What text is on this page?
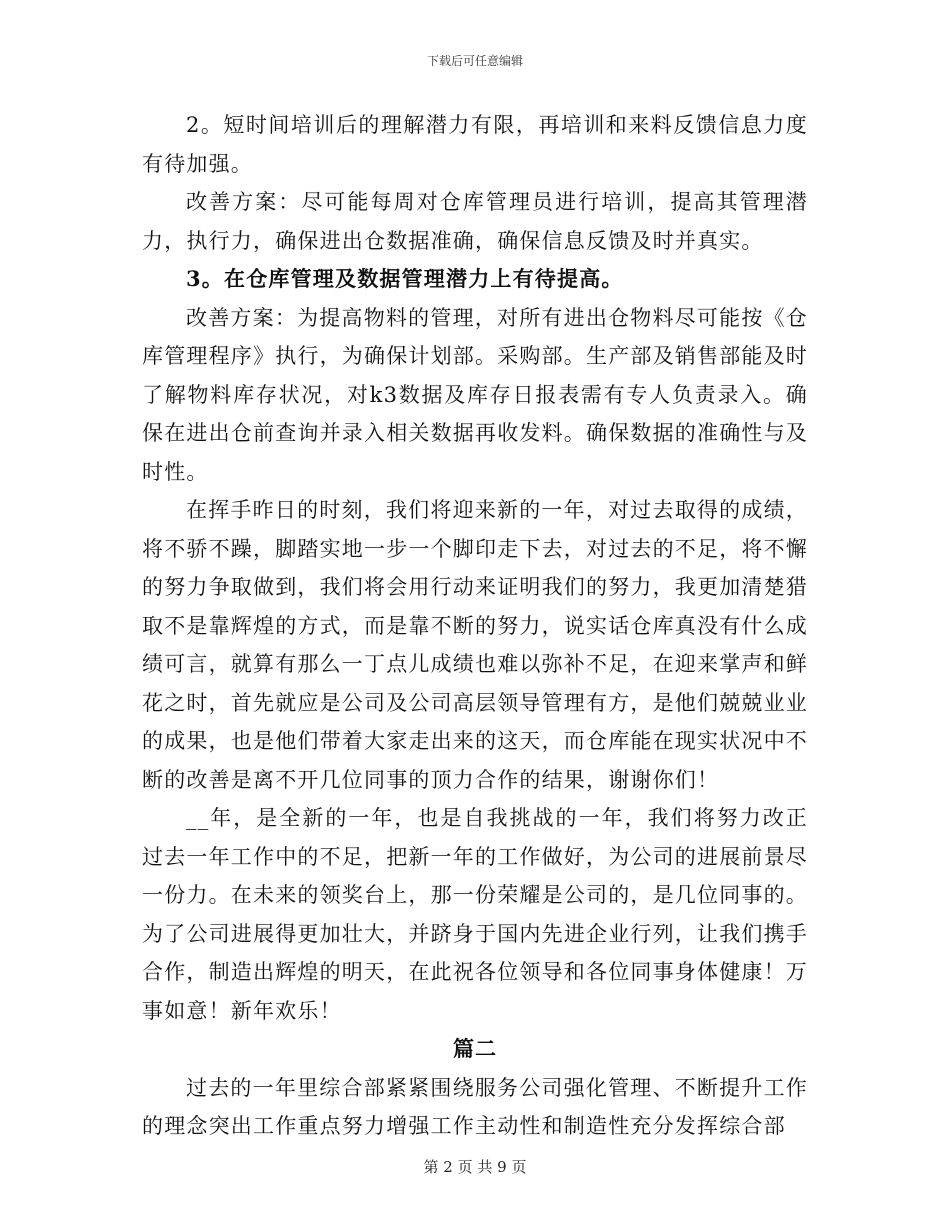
下载后可任意编辑

2。短时间培训后的理解潜力有限，再培训和来料反馈信息力度有待加强。

改善方案：尽可能每周对仓库管理员进行培训，提高其管理潜力，执行力，确保进出仓数据准确，确保信息反馈及时并真实。

3。在仓库管理及数据管理潜力上有待提高。

改善方案：为提高物料的管理，对所有进出仓物料尽可能按《仓库管理程序》执行，为确保计划部。采购部。生产部及销售部能及时了解物料库存状况，对k3数据及库存日报表需有专人负责录入。确保在进出仓前查询并录入相关数据再收发料。确保数据的准确性与及时性。

在挥手昨日的时刻，我们将迎来新的一年，对过去取得的成绩，将不骄不躁，脚踏实地一步一个脚印走下去，对过去的不足，将不懈的努力争取做到，我们将会用行动来证明我们的努力，我更加清楚猎取不是靠辉煌的方式，而是靠不断的努力，说实话仓库真没有什么成绩可言，就算有那么一丁点儿成绩也难以弥补不足，在迎来掌声和鲜花之时，首先就应是公司及公司高层领导管理有方，是他们兢兢业业的成果，也是他们带着大家走出来的这天，而仓库能在现实状况中不断的改善是离不开几位同事的顶力合作的结果，谢谢你们！

__年，是全新的一年，也是自我挑战的一年，我们将努力改正过去一年工作中的不足，把新一年的工作做好，为公司的进展前景尽一份力。在未来的领奖台上，那一份荣耀是公司的，是几位同事的。为了公司进展得更加壮大，并跻身于国内先进企业行列，让我们携手合作，制造出辉煌的明天，在此祝各位领导和各位同事身体健康！万事如意！新年欢乐！

篇二

过去的一年里综合部紧紧围绕服务公司强化管理、不断提升工作的理念突出工作重点努力增强工作主动性和制造性充分发挥综合部

第 2 页 共 9 页
